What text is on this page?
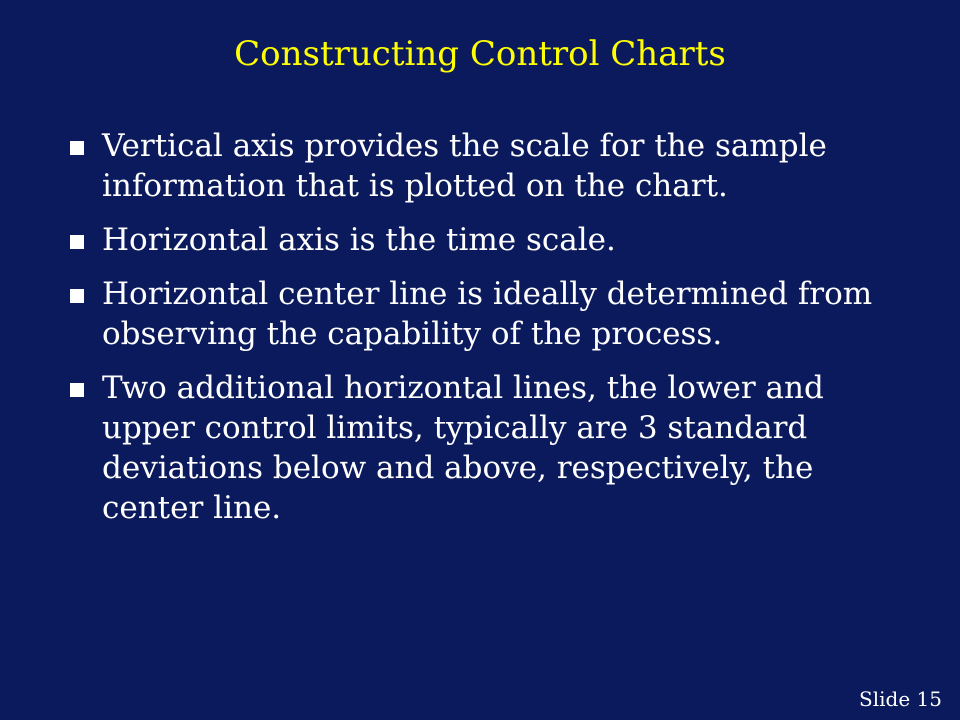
Constructing Control Charts
Vertical axis provides the scale for the sample information that is plotted on the chart.
Horizontal axis is the time scale.
Horizontal center line is ideally determined from observing the capability of the process.
Two additional horizontal lines, the lower and upper control limits, typically are 3 standard deviations below and above, respectively, the center line.
Slide 15
